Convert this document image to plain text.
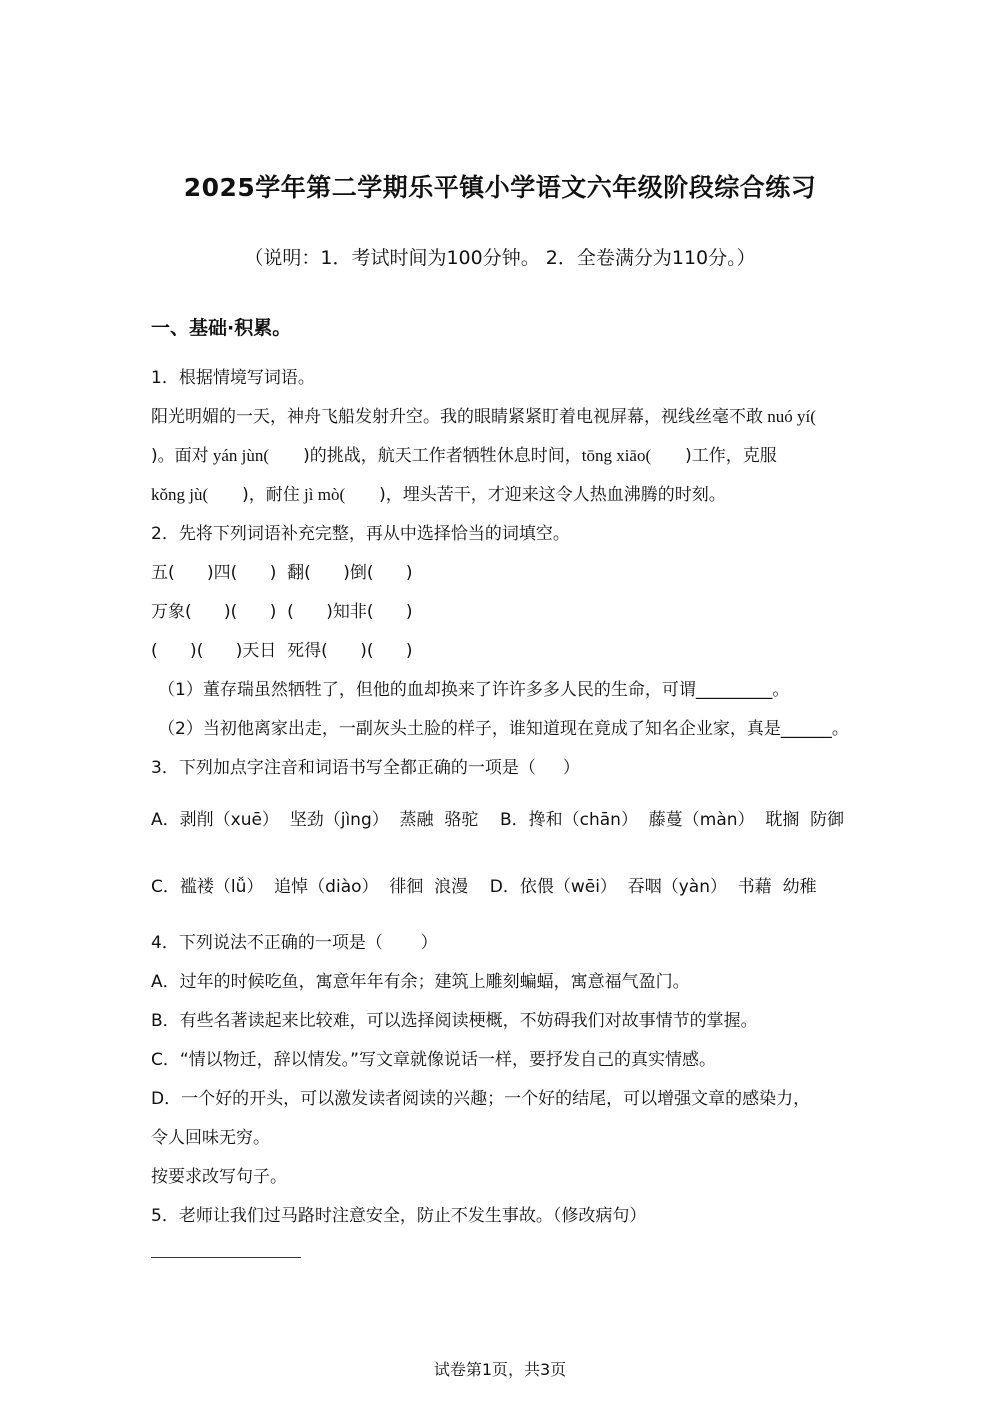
2025学年第二学期乐平镇小学语文六年级阶段综合练习
（说明：1．考试时间为100分钟。 2．全卷满分为110分。）
一、基础·积累。
1．根据情境写词语。
阳光明媚的一天，神舟飞船发射升空。我的眼睛紧紧盯着电视屏幕，视线丝毫不敢 nuó yí(
)。面对 yán jùn( )的挑战，航天工作者牺牲休息时间，tōng xiāo( )工作，克服
kǒng jù( )，耐住 jì mò( )，埋头苦干，才迎来这令人热血沸腾的时刻。
2．先将下列词语补充完整，再从中选择恰当的词填空。
五(      )四(      )  翻(      )倒(      )
万象(      )(      )  (      )知非(      )
(      )(      )天日  死得(      )(      )
（1）董存瑞虽然牺牲了，但他的血却换来了许许多多人民的生命，可谓_________。
（2）当初他离家出走，一副灰头土脸的样子，谁知道现在竟成了知名企业家，真是______。
3．下列加点字注音和词语书写全都正确的一项是（     ）
A．剥削（xuē）  坚劲（jìng）  蒸融  骆驼    B．搀和（chān）  藤蔓（màn）  耽搁  防御
C．褴褛（lǚ）  追悼（diào）  徘徊  浪漫    D．依偎（wēi）  吞咽（yàn）  书藉  幼稚
4．下列说法不正确的一项是（       ）
A．过年的时候吃鱼，寓意年年有余；建筑上雕刻蝙蝠，寓意福气盈门。
B．有些名著读起来比较难，可以选择阅读梗概，不妨碍我们对故事情节的掌握。
C．“情以物迁，辞以情发。”写文章就像说话一样，要抒发自己的真实情感。
D．一个好的开头，可以激发读者阅读的兴趣；一个好的结尾，可以增强文章的感染力，
令人回味无穷。
按要求改写句子。
5．老师让我们过马路时注意安全，防止不发生事故。（修改病句）
试卷第1页，共3页
